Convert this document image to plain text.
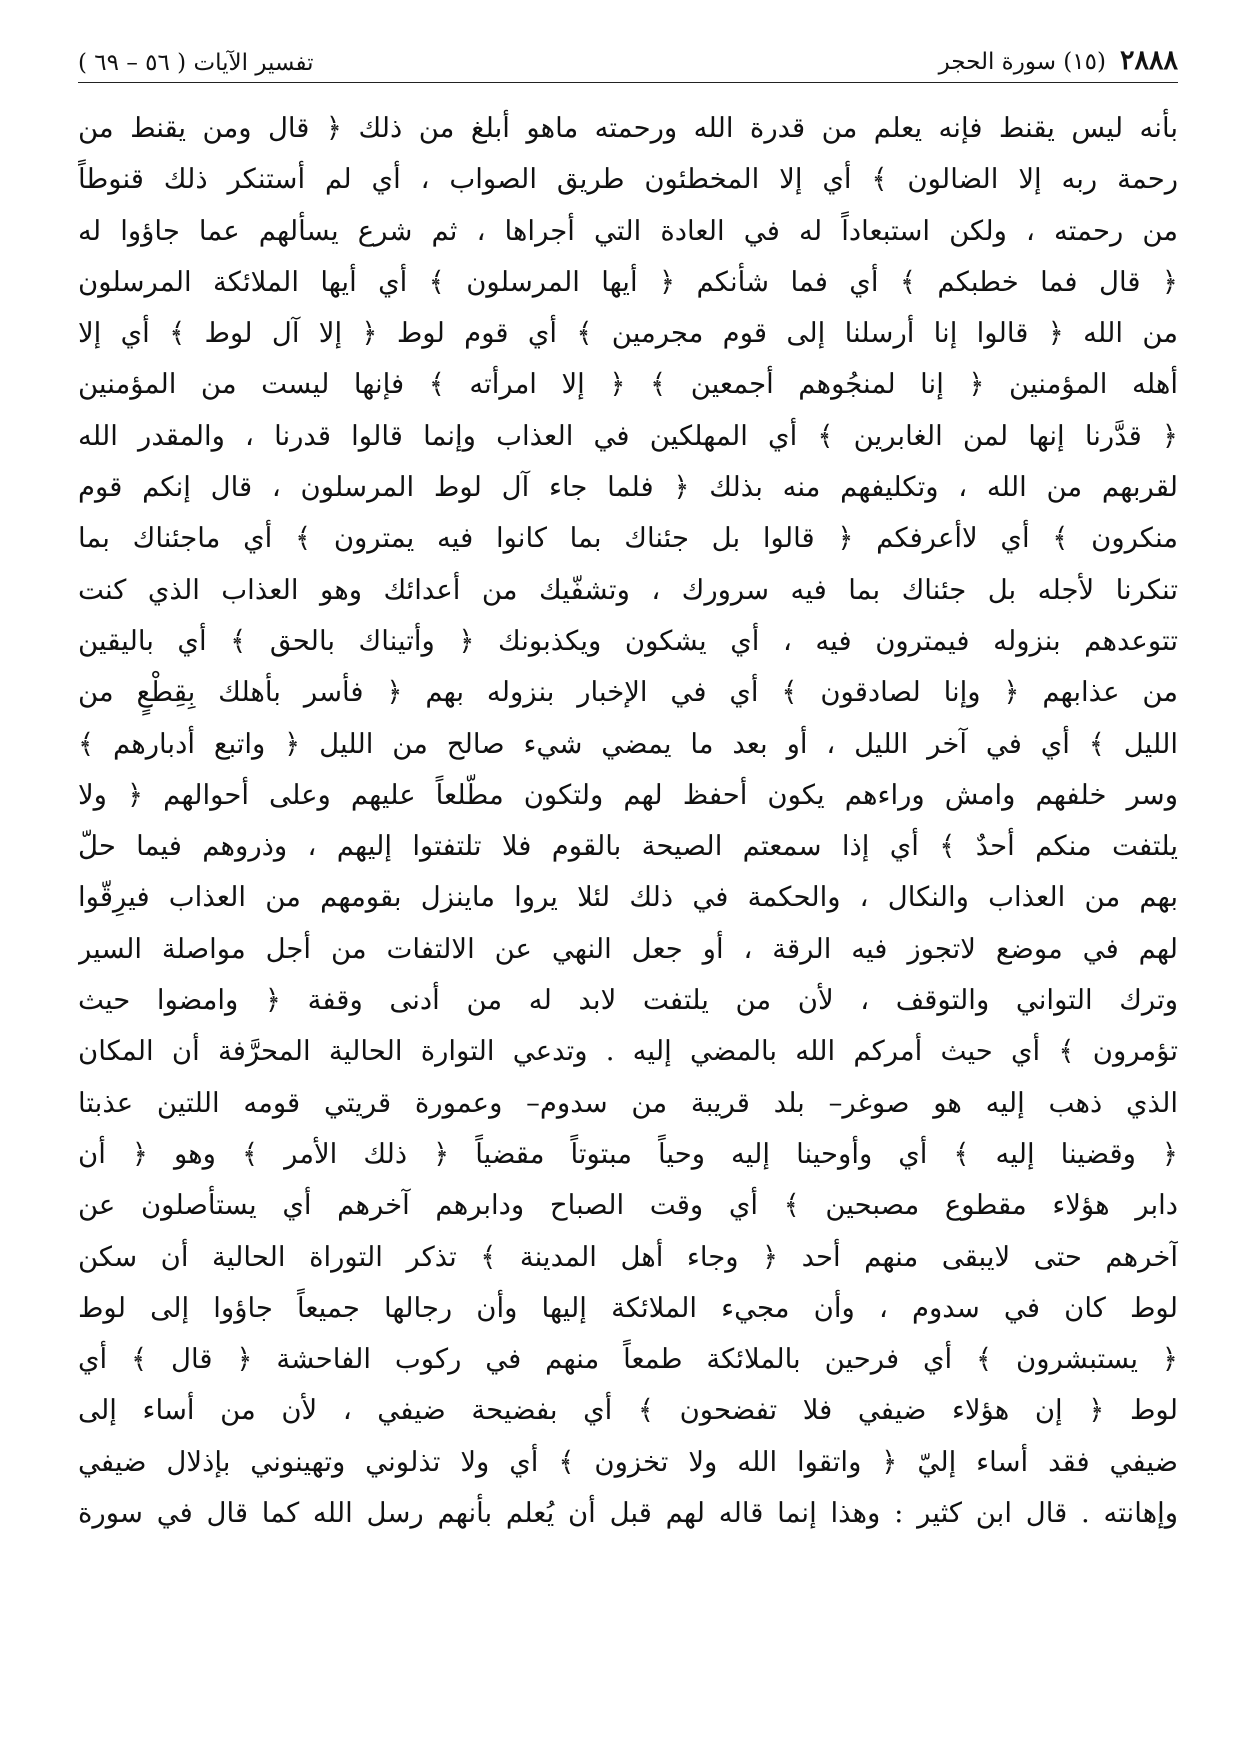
٢٨٨٨
(١٥) سورة الحجر
تفسير الآيات ( ٥٦ – ٦٩ )
بأنه ليس يقنط فإنه يعلم من قدرة الله ورحمته ماهو أبلغ من ذلك ﴿ قال ومن يقنط من
رحمة ربه إلا الضالون ﴾ أي إلا المخطئون طريق الصواب ، أي لم أستنكر ذلك قنوطاً
من رحمته ، ولكن استبعاداً له في العادة التي أجراها ، ثم شرع يسألهم عما جاؤوا له
﴿ قال فما خطبكم ﴾ أي فما شأنكم ﴿ أيها المرسلون ﴾ أي أيها الملائكة المرسلون
من الله ﴿ قالوا إنا أرسلنا إلى قوم مجرمين ﴾ أي قوم لوط ﴿ إلا آل لوط ﴾ أي إلا
أهله المؤمنين ﴿ إنا لمنجُوهم أجمعين ﴾ ﴿ إلا امرأته ﴾ فإنها ليست من المؤمنين
﴿ قدَّرنا إنها لمن الغابرين ﴾ أي المهلكين في العذاب وإنما قالوا قدرنا ، والمقدر الله
لقربهم من الله ، وتكليفهم منه بذلك ﴿ فلما جاء آل لوط المرسلون ، قال إنكم قوم
منكرون ﴾ أي لاأعرفكم ﴿ قالوا بل جئناك بما كانوا فيه يمترون ﴾ أي ماجئناك بما
تنكرنا لأجله بل جئناك بما فيه سرورك ، وتشفّيك من أعدائك وهو العذاب الذي كنت
تتوعدهم بنزوله فيمترون فيه ، أي يشكون ويكذبونك ﴿ وأتيناك بالحق ﴾ أي باليقين
من عذابهم ﴿ وإنا لصادقون ﴾ أي في الإخبار بنزوله بهم ﴿ فأسر بأهلك بِقِطْعٍ من
الليل ﴾ أي في آخر الليل ، أو بعد ما يمضي شيء صالح من الليل ﴿ واتبع أدبارهم ﴾
وسر خلفهم وامش وراءهم يكون أحفظ لهم ولتكون مطّلعاً عليهم وعلى أحوالهم ﴿ ولا
يلتفت منكم أحدٌ ﴾ أي إذا سمعتم الصيحة بالقوم فلا تلتفتوا إليهم ، وذروهم فيما حلّ
بهم من العذاب والنكال ، والحكمة في ذلك لئلا يروا ماينزل بقومهم من العذاب فيرِقّوا
لهم في موضع لاتجوز فيه الرقة ، أو جعل النهي عن الالتفات من أجل مواصلة السير
وترك التواني والتوقف ، لأن من يلتفت لابد له من أدنى وقفة ﴿ وامضوا حيث
تؤمرون ﴾ أي حيث أمركم الله بالمضي إليه . وتدعي التوارة الحالية المحرَّفة أن المكان
الذي ذهب إليه هو صوغر– بلد قريبة من سدوم– وعمورة قريتي قومه اللتين عذبتا
﴿ وقضينا إليه ﴾ أي وأوحينا إليه وحياً مبتوتاً مقضياً ﴿ ذلك الأمر ﴾ وهو ﴿ أن
دابر هؤلاء مقطوع مصبحين ﴾ أي وقت الصباح ودابرهم آخرهم أي يستأصلون عن
آخرهم حتى لايبقى منهم أحد ﴿ وجاء أهل المدينة ﴾ تذكر التوراة الحالية أن سكن
لوط كان في سدوم ، وأن مجيء الملائكة إليها وأن رجالها جميعاً جاؤوا إلى لوط
﴿ يستبشرون ﴾ أي فرحين بالملائكة طمعاً منهم في ركوب الفاحشة ﴿ قال ﴾ أي
لوط ﴿ إن هؤلاء ضيفي فلا تفضحون ﴾ أي بفضيحة ضيفي ، لأن من أساء إلى
ضيفي فقد أساء إليّ ﴿ واتقوا الله ولا تخزون ﴾ أي ولا تذلوني وتهينوني بإذلال ضيفي
وإهانته . قال ابن كثير : وهذا إنما قاله لهم قبل أن يُعلم بأنهم رسل الله كما قال في سورة
